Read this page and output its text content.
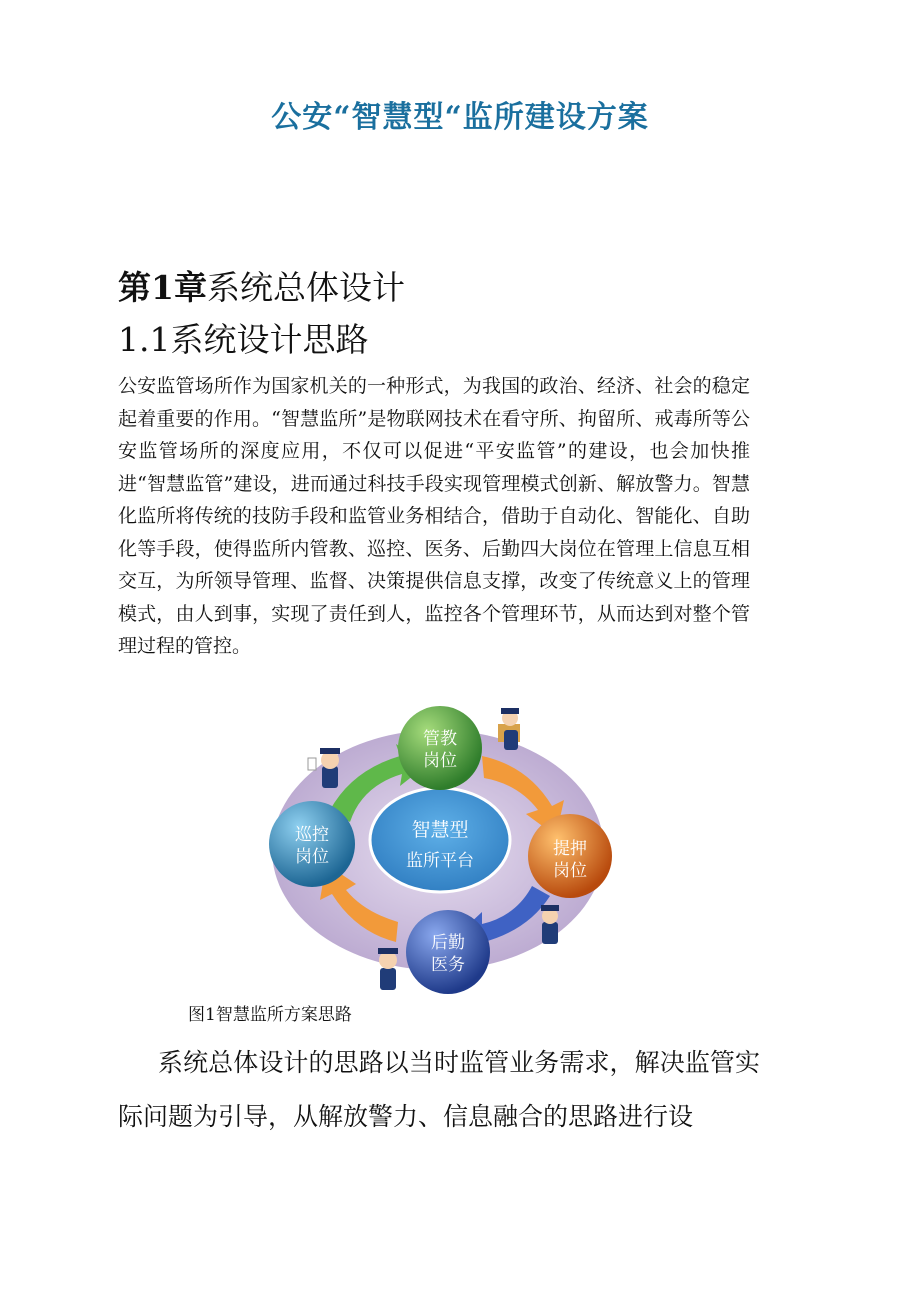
公安“智慧型“监所建设方案
第1章系统总体设计
1.1系统设计思路
公安监管场所作为国家机关的一种形式，为我国的政治、经济、社会的稳定起着重要的作用。“智慧监所”是物联网技术在看守所、拘留所、戒毒所等公安监管场所的深度应用，不仅可以促进“平安监管”的建设，也会加快推进“智慧监管”建设，进而通过科技手段实现管理模式创新、解放警力。智慧化监所将传统的技防手段和监管业务相结合，借助于自动化、智能化、自助化等手段，使得监所内管教、巡控、医务、后勤四大岗位在管理上信息互相交互，为所领导管理、监督、决策提供信息支撑，改变了传统意义上的管理模式，由人到事，实现了责任到人，监控各个管理环节，从而达到对整个管理过程的管控。
智慧型
监所平台
管教
岗位
提押
岗位
后勤
医务
巡控
岗位
图1智慧监所方案思路
系统总体设计的思路以当时监管业务需求，解决监管实际问题为引导，从解放警力、信息融合的思路进行设
